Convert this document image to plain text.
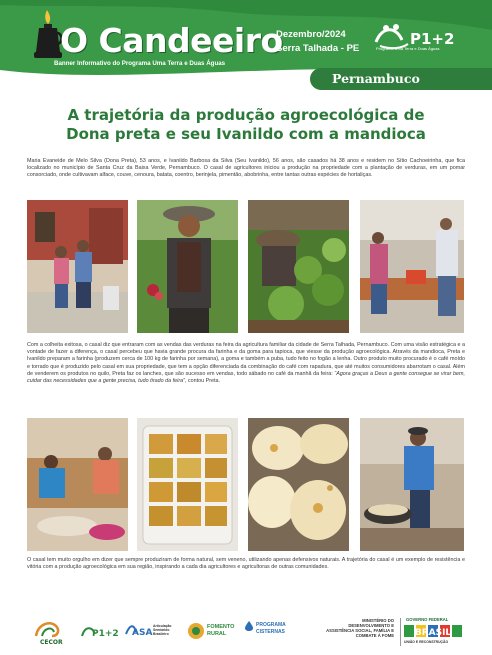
O Candeeiro
Banner Informativo do Programa Uma Terra e Duas Águas
Dezembro/2024
Serra Talhada - PE
P1+2
Programa Uma Terra e Duas Águas
Pernambuco
A trajetória da produção agroecológica de
Dona preta e seu Ivanildo com a mandioca
Maria Evaneide de Melo Silva (Dona Preta), 53 anos, e Ivanildo Barbosa da Silva (Seu Ivanildo), 56 anos, são casados há 38 anos e residem no Sítio Cachoeirinha, que fica localizado no município de Santa Cruz da Baixa Verde, Pernambuco. O casal de agricultores iniciou a produção na propriedade com a plantação de verduras, em um pomar consorciado, onde cultivavam alface, couve, cenoura, batata, coentro, berinjela, pimentão, abobrinha, entre tantas outras espécies de hortaliças.
Com a colheita exitosa, o casal diz que entraram com as vendas das verduras na feira da agricultura familiar da cidade de Serra Talhada, Pernambuco. Com uma visão estratégica e a vontade de fazer a diferença, o casal percebeu que havia grande procura da farinha e da goma para tapioca, que viesse da produção agroecológica. Através da mandioca, Preta e Ivanildo preparam a farinha (produzem cerca de 100 kg de farinha por semana), a goma e também a puba, tudo feito no fogão a lenha. Outro produto muito procurado é o café moído e torrado que é produzido pelo casal em sua propriedade, que tem a opção diferenciada da combinação do café com rapadura, que até muitos consumidores abarrotam o casal. Além de venderem os produtos no quilo, Preta faz os lanches, que são sucesso em vendas, todo sábado no café da manhã da feira: “Agora graças a Deus a gente consegue se virar bem, cuidar das necessidades que a gente precisa, tudo tirado da feira”, contou Preta.
O casal tem muito orgulho em dizer que sempre produziram de forma natural, sem veneno, utilizando apenas defensivos naturais. A trajetória do casal é um exemplo de resistência e vitória com a produção agroecológica em sua região, inspirando a cada dia agricultores e agricultoras de outras comunidades.
CECOR
P1+2 ASA
Articulação Semiárido Brasileiro
FOMENTO RURAL
PROGRAMA CISTERNAS
MINISTÉRIO DO DESENVOLVIMENTO E ASSISTÊNCIA SOCIAL, FAMÍLIA E COMBATE À FOME
GOVERNO FEDERAL
BRASIL
UNIÃO E RECONSTRUÇÃO
